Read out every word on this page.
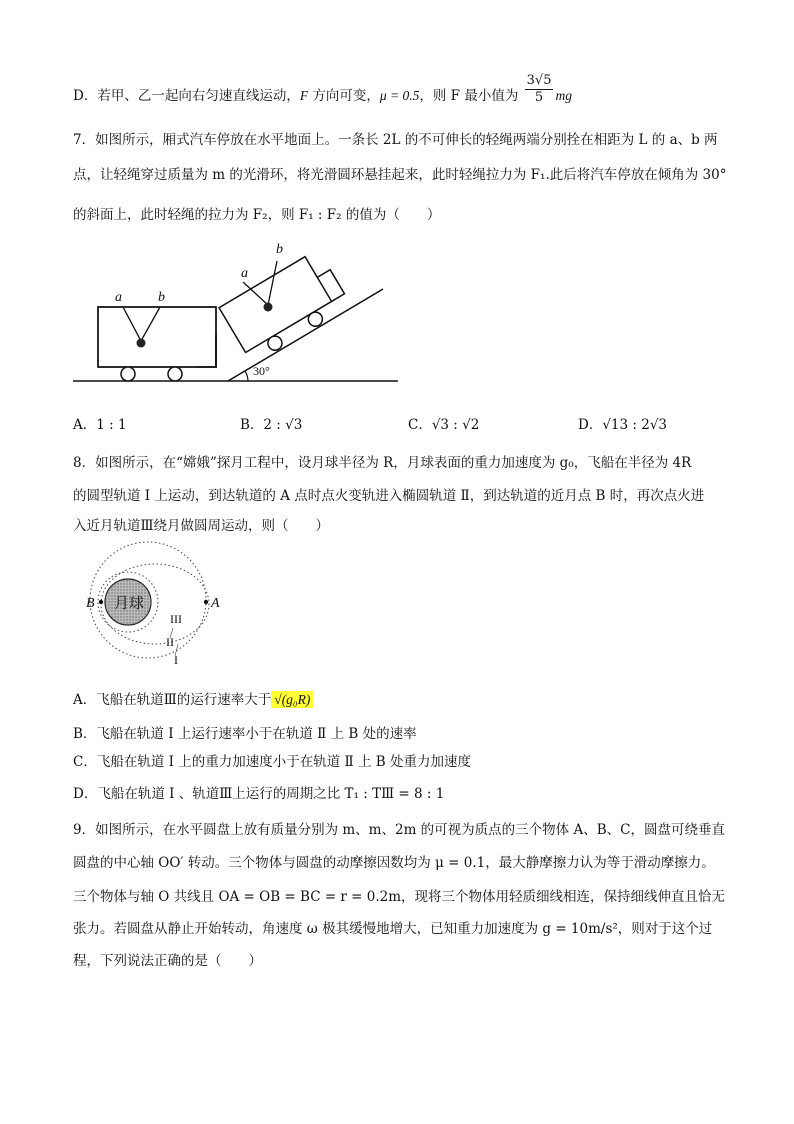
D．若甲、乙一起向右匀速直线运动，F 方向可变，μ = 0.5，则 F 最小值为 $\frac{3√5}{5}$ mg
7．如图所示，厢式汽车停放在水平地面上。一条长 2L 的不可伸长的轻绳两端分别拴在相距为 L 的 a、b 两
点，让轻绳穿过质量为 m 的光滑环，将光滑圆环悬挂起来，此时轻绳拉力为 F₁.此后将汽车停放在倾角为 30°
的斜面上，此时轻绳的拉力为 F₂，则 F₁ : F₂ 的值为（　　）
a	b
30°
a
b
A．1 : 1	B．2 : √3	C．√3 : √2	D．√13 : 2√3
8．如图所示，在“嫦娥”探月工程中，设月球半径为 R，月球表面的重力加速度为 g₀，飞船在半径为 4R
的圆型轨道 Ⅰ 上运动，到达轨道的 A 点时点火变轨进入椭圆轨道 Ⅱ，到达轨道的近月点 B 时，再次点火进
入近月轨道Ⅲ绕月做圆周运动，则（　　）
月球
B	A
III
II
I
A．飞船在轨道Ⅲ的运行速率大于 √(g₀R)
B．飞船在轨道 Ⅰ 上运行速率小于在轨道 Ⅱ 上 B 处的速率
C．飞船在轨道 Ⅰ 上的重力加速度小于在轨道 Ⅱ 上 B 处重力加速度
D．飞船在轨道 Ⅰ 、轨道Ⅲ上运行的周期之比 T₁ : TⅢ = 8 : 1
9．如图所示，在水平圆盘上放有质量分别为 m、m、2m 的可视为质点的三个物体 A、B、C，圆盘可绕垂直
圆盘的中心轴 OO′ 转动。三个物体与圆盘的动摩擦因数均为 μ = 0.1，最大静摩擦力认为等于滑动摩擦力。
三个物体与轴 O 共线且 OA = OB = BC = r = 0.2m，现将三个物体用轻质细线相连，保持细线伸直且恰无
张力。若圆盘从静止开始转动，角速度 ω 极其缓慢地增大，已知重力加速度为 g = 10m/s²，则对于这个过
程，下列说法正确的是（　　）
